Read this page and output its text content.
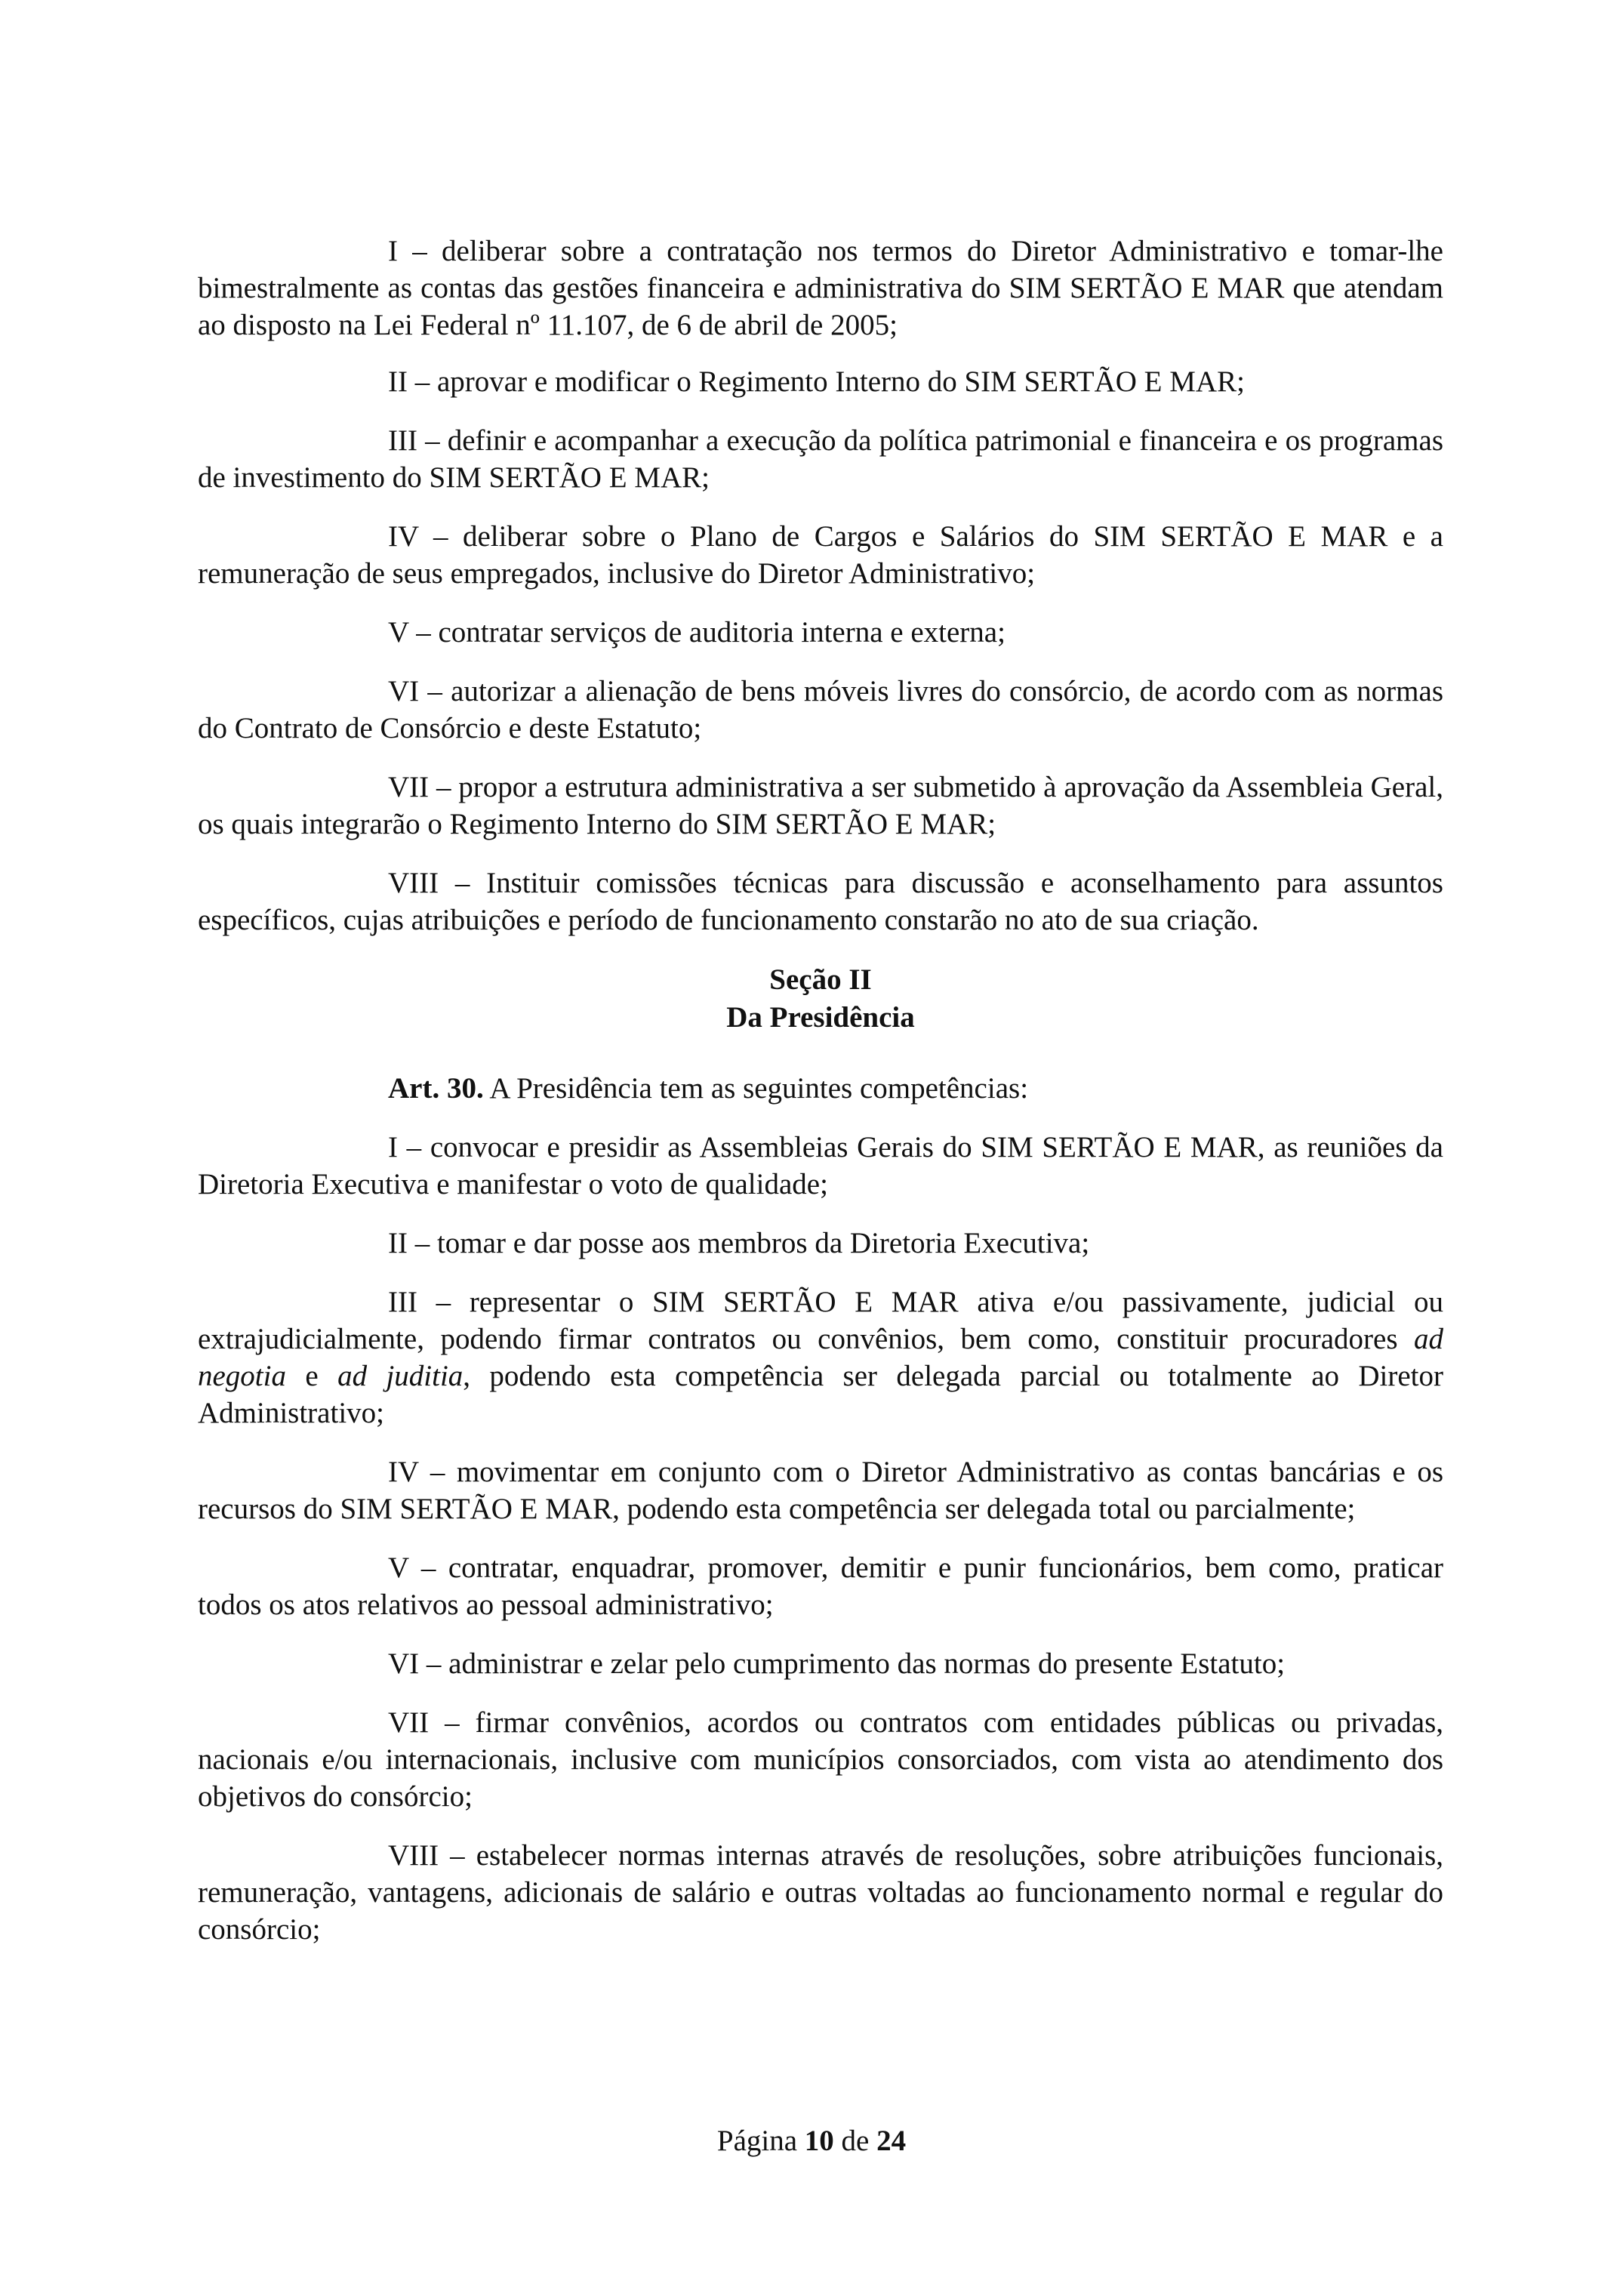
I – deliberar sobre a contratação nos termos do Diretor Administrativo e tomar-lhe bimestralmente as contas das gestões financeira e administrativa do SIM SERTÃO E MAR que atendam ao disposto na Lei Federal nº 11.107, de 6 de abril de 2005;

II – aprovar e modificar o Regimento Interno do SIM SERTÃO E MAR;

III – definir e acompanhar a execução da política patrimonial e financeira e os programas de investimento do SIM SERTÃO E MAR;

IV – deliberar sobre o Plano de Cargos e Salários do SIM SERTÃO E MAR e a remuneração de seus empregados, inclusive do Diretor Administrativo;

V – contratar serviços de auditoria interna e externa;

VI – autorizar a alienação de bens móveis livres do consórcio, de acordo com as normas do Contrato de Consórcio e deste Estatuto;

VII – propor a estrutura administrativa a ser submetido à aprovação da Assembleia Geral, os quais integrarão o Regimento Interno do SIM SERTÃO E MAR;

VIII – Instituir comissões técnicas para discussão e aconselhamento para assuntos específicos, cujas atribuições e período de funcionamento constarão no ato de sua criação.

Seção II
Da Presidência

Art. 30. A Presidência tem as seguintes competências:

I – convocar e presidir as Assembleias Gerais do SIM SERTÃO E MAR, as reuniões da Diretoria Executiva e manifestar o voto de qualidade;

II – tomar e dar posse aos membros da Diretoria Executiva;

III – representar o SIM SERTÃO E MAR ativa e/ou passivamente, judicial ou extrajudicialmente, podendo firmar contratos ou convênios, bem como, constituir procuradores ad negotia e ad juditia, podendo esta competência ser delegada parcial ou totalmente ao Diretor Administrativo;

IV – movimentar em conjunto com o Diretor Administrativo as contas bancárias e os recursos do SIM SERTÃO E MAR, podendo esta competência ser delegada total ou parcialmente;

V – contratar, enquadrar, promover, demitir e punir funcionários, bem como, praticar todos os atos relativos ao pessoal administrativo;

VI – administrar e zelar pelo cumprimento das normas do presente Estatuto;

VII – firmar convênios, acordos ou contratos com entidades públicas ou privadas, nacionais e/ou internacionais, inclusive com municípios consorciados, com vista ao atendimento dos objetivos do consórcio;

VIII – estabelecer normas internas através de resoluções, sobre atribuições funcionais, remuneração, vantagens, adicionais de salário e outras voltadas ao funcionamento normal e regular do consórcio;

Página 10 de 24
